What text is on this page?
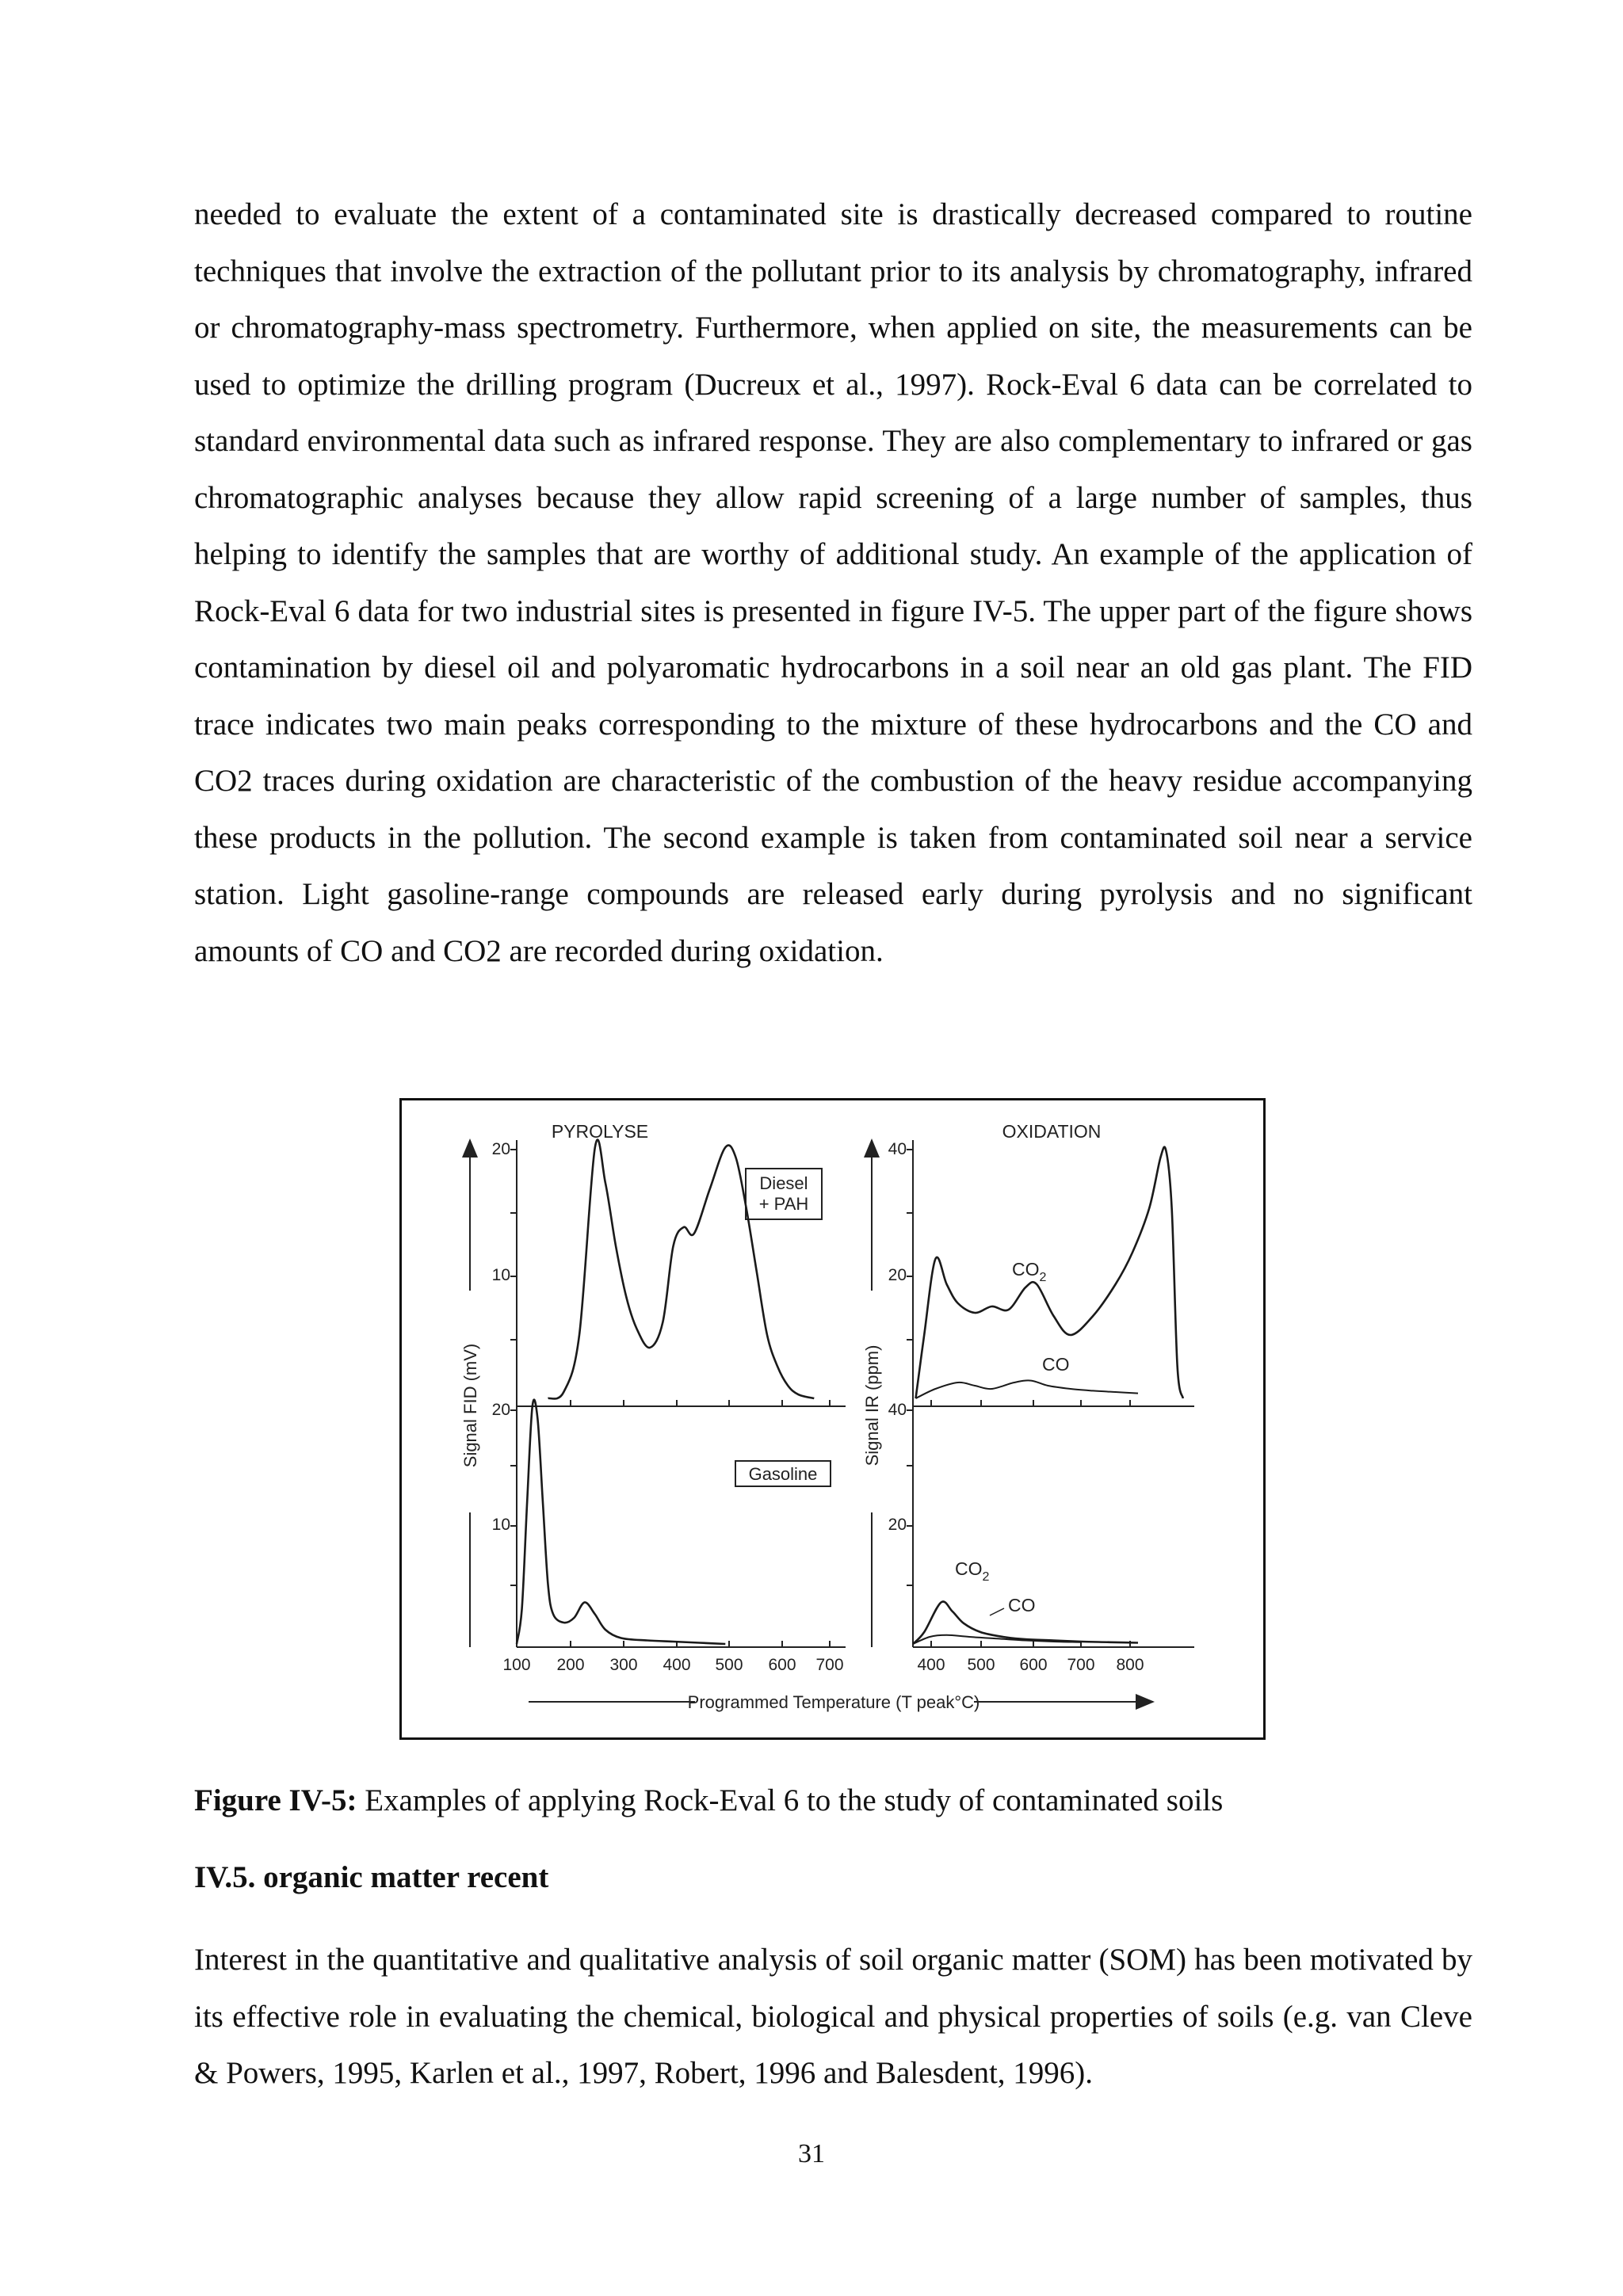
needed to evaluate the extent of a contaminated site is drastically decreased compared to routine techniques that involve the extraction of the pollutant prior to its analysis by chromatography, infrared or chromatography-mass spectrometry. Furthermore, when applied on site, the measurements can be used to optimize the drilling program (Ducreux et al., 1997). Rock-Eval 6 data can be correlated to standard environmental data such as infrared response. They are also complementary to infrared or gas chromatographic analyses because they allow rapid screening of a large number of samples, thus helping to identify the samples that are worthy of additional study. An example of the application of Rock-Eval 6 data for two industrial sites is presented in figure IV-5. The upper part of the figure shows contamination by diesel oil and polyaromatic hydrocarbons in a soil near an old gas plant. The FID trace indicates two main peaks corresponding to the mixture of these hydrocarbons and the CO and CO2 traces during oxidation are characteristic of the combustion of the heavy residue accompanying these products in the pollution. The second example is taken from contaminated soil near a service station. Light gasoline-range compounds are released early during pyrolysis and no significant amounts of CO and CO2 are recorded during oxidation.

PYROLYSE	OXIDATION
Signal FID (mV)	Signal IR (ppm)
20
10
20
10
40
20
40
20
100 200 300 400 500 600 700	400 500 600 700 800
Programmed Temperature (T peak°C)
Diesel
+ PAH
Gasoline
$CO_2$
CO
$CO_2$
CO
Figure IV-5: Examples of applying Rock-Eval 6 to the study of contaminated soils
IV.5. organic matter recent

Interest in the quantitative and qualitative analysis of soil organic matter (SOM) has been motivated by its effective role in evaluating the chemical, biological and physical properties of soils (e.g. van Cleve & Powers, 1995, Karlen et al., 1997, Robert, 1996 and Balesdent, 1996).

31
